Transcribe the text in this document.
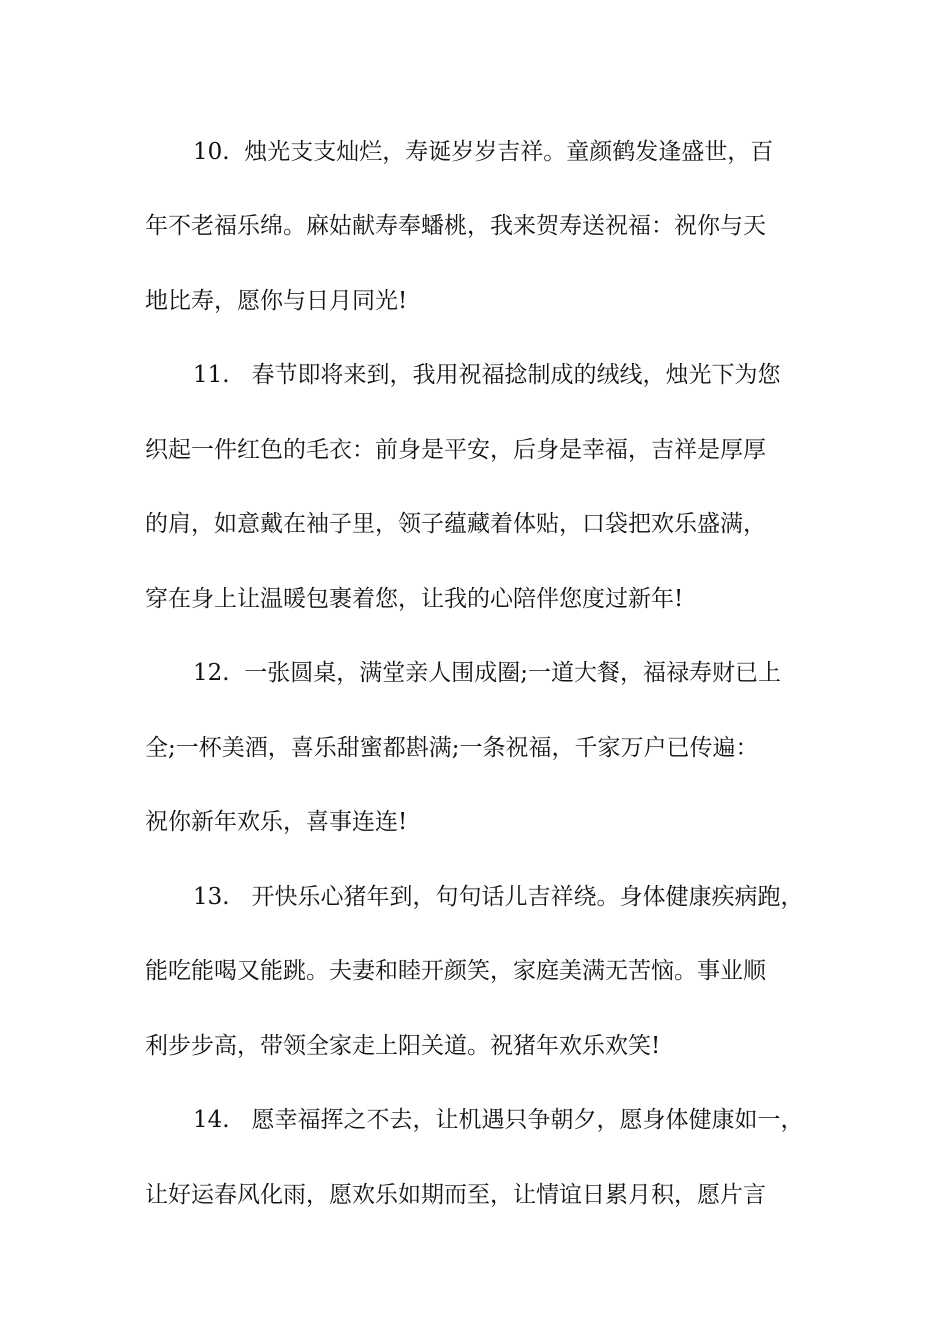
10.  烛光支支灿烂，寿诞岁岁吉祥。童颜鹤发逢盛世，百

年不老福乐绵。麻姑献寿奉蟠桃，我来贺寿送祝福：祝你与天

地比寿，愿你与日月同光!

11.   春节即将来到，我用祝福捻制成的绒线，烛光下为您

织起一件红色的毛衣：前身是平安，后身是幸福，吉祥是厚厚

的肩，如意戴在袖子里，领子蕴藏着体贴，口袋把欢乐盛满，

穿在身上让温暖包裹着您，让我的心陪伴您度过新年!

12.  一张圆桌，满堂亲人围成圈;一道大餐，福禄寿财已上

全;一杯美酒，喜乐甜蜜都斟满;一条祝福，千家万户已传遍：

祝你新年欢乐，喜事连连!

13.   开快乐心猪年到，句句话儿吉祥绕。身体健康疾病跑，

能吃能喝又能跳。夫妻和睦开颜笑，家庭美满无苦恼。事业顺

利步步高，带领全家走上阳关道。祝猪年欢乐欢笑!

14.   愿幸福挥之不去，让机遇只争朝夕，愿身体健康如一，

让好运春风化雨，愿欢乐如期而至，让情谊日累月积，愿片言
